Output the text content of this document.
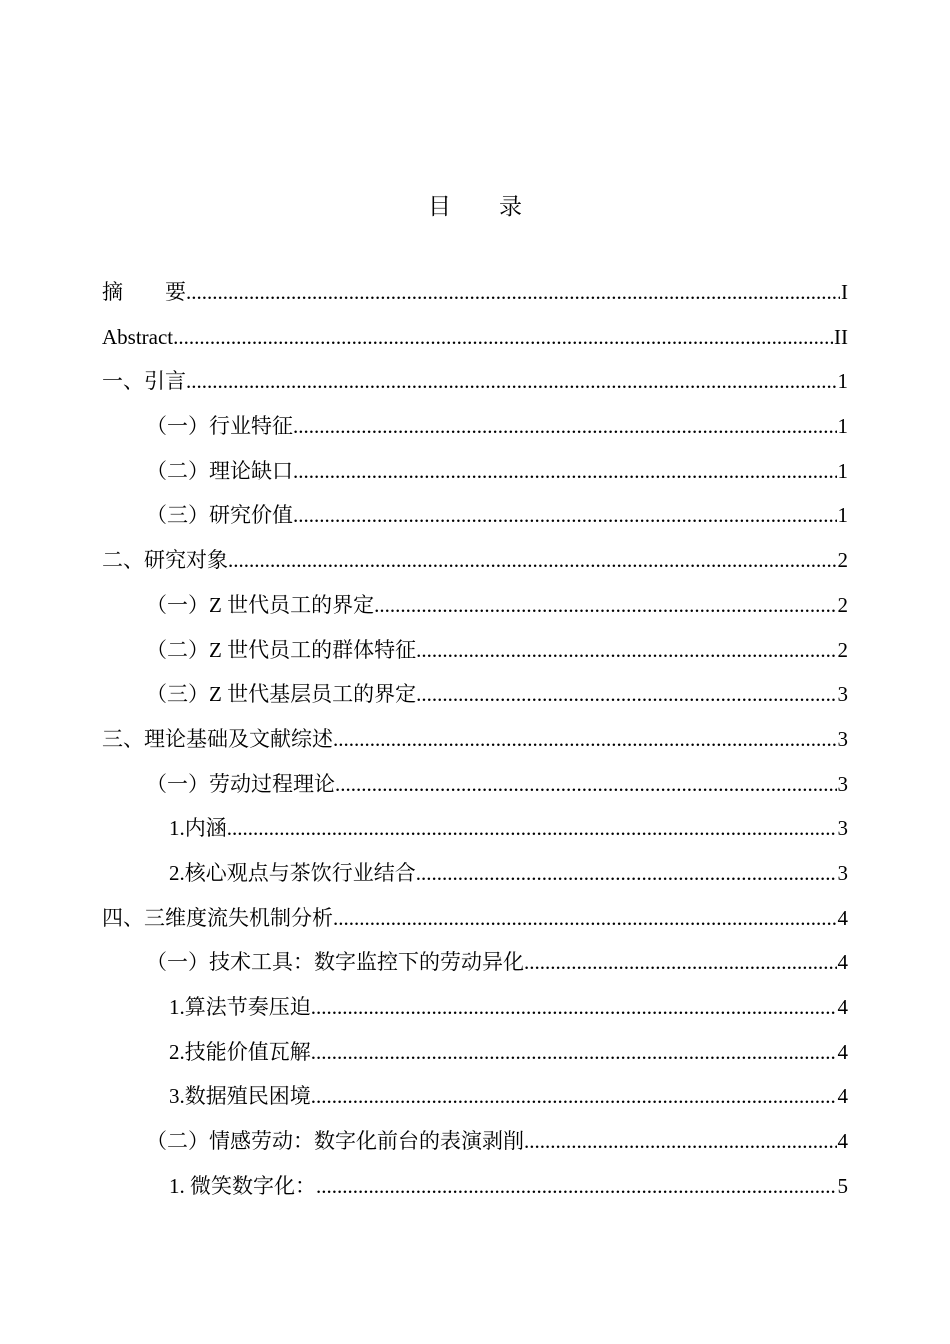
目录
摘　　要 .....	I
Abstract .....	II
一、引言 .....	1
（一）行业特征 .....	1
（二）理论缺口 .....	1
（三）研究价值 .....	1
二、研究对象 .....	2
（一）Z 世代员工的界定 .....	2
（二）Z 世代员工的群体特征 .....	2
（三）Z 世代基层员工的界定 .....	3
三、理论基础及文献综述 .....	3
（一）劳动过程理论 .....	3
1.内涵 .....	3
2.核心观点与茶饮行业结合 .....	3
四、三维度流失机制分析 .....	4
（一）技术工具：数字监控下的劳动异化 .....	4
1.算法节奏压迫 .....	4
2.技能价值瓦解 .....	4
3.数据殖民困境 .....	4
（二）情感劳动：数字化前台的表演剥削 .....	4
1. 微笑数字化： .....	5
